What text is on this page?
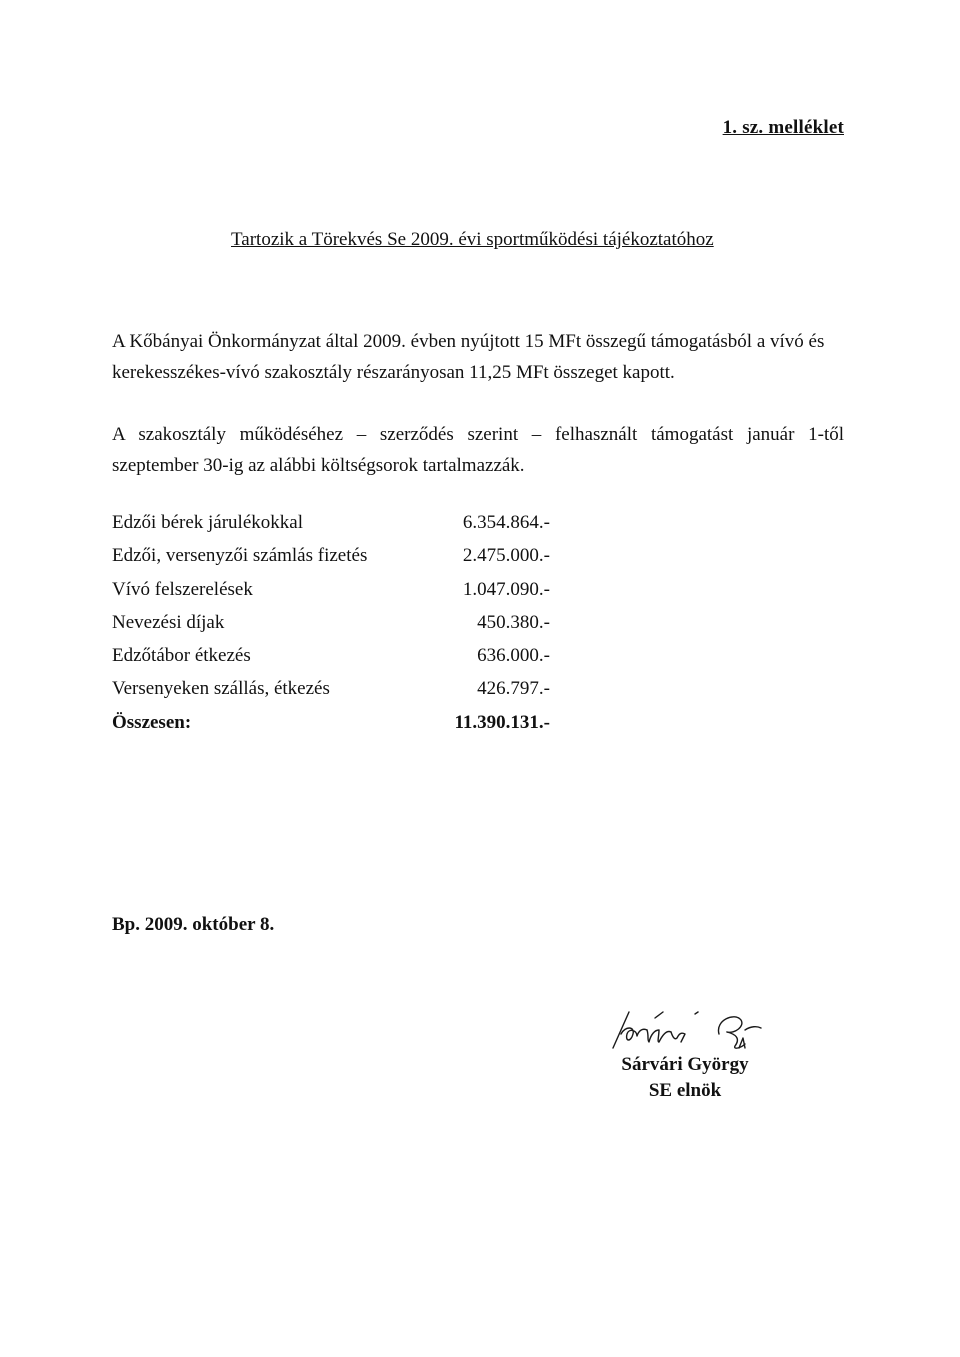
1. sz. melléklet
Tartozik a Törekvés Se 2009. évi sportműködési tájékoztatóhoz
A Kőbányai Önkormányzat által 2009. évben nyújtott 15 MFt összegű támogatásból a vívó és kerekesszékes-vívó szakosztály részarányosan 11,25 MFt összeget kapott.
A szakosztály működéséhez – szerződés szerint – felhasznált támogatást január 1-től szeptember 30-ig az alábbi költségsorok tartalmazzák.
Edzői bérek járulékokkal	6.354.864.-
Edzői, versenyzői számlás fizetés	2.475.000.-
Vívó felszerelések	1.047.090.-
Nevezési díjak	450.380.-
Edzőtábor étkezés	636.000.-
Versenyeken szállás, étkezés	426.797.-
Összesen:	11.390.131.-
Bp. 2009. október 8.
Sárvári György
SE elnök
